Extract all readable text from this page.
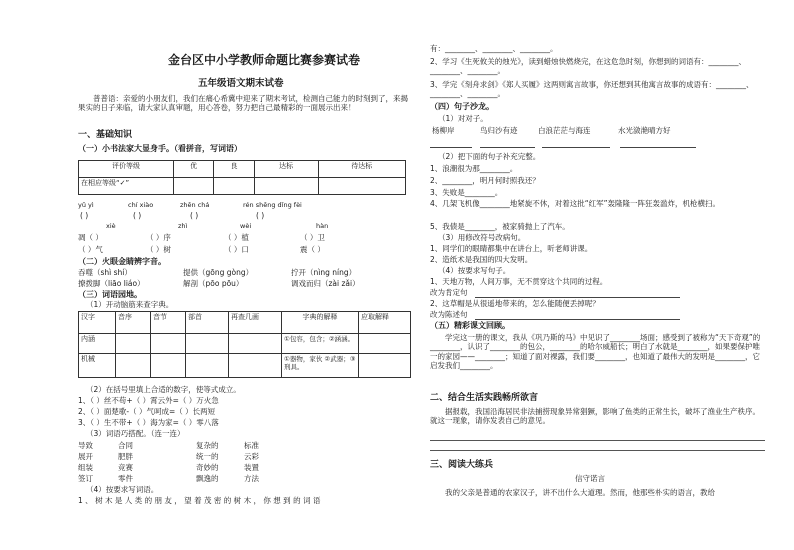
金台区中小学教师命题比赛参赛试卷
五年级语文期末试卷
普普语：亲爱的小朋友们，我们在痛心希冀中迎来了期末考试，检测自己能力的时刻到了，来揭果实的日子来临，请大家认真审题，用心答卷，努力把自己最精彩的一面展示出来！
一、基础知识
（一）小书法家大显身手。（看拼音，写词语）
评价等级	优	良	达标	待达标
在相应等级“✓”				
yǔ yì	chí xiào	zhēn chá	rén shēng dǐng fèi
( )	( )	( )	( )
xiè	zhì	wèi	hàn
凋（ ）	（ ）序	（ ）植	（ ）卫
（ ）气	（ ）树	（ ）口	震（ ）
（二）火眼金睛辨字音。
吞噬（shì shí）	提供（gōng gòng）	拧开（nìng níng）
撩拨脚（liāo liáo）	解剖（pōo pōu）	调戏而归（zài zǎi）
（三）词语园地。
（1）开动脑筋来查字典。
汉字	音序	音节	部首	再查几画	字典的解释	应取解释
内涵					①包容，包含；②涵涵。	
机械					①器物，家伙 ②武器；③刑具。	
（2）在括号里填上合适的数字，使等式成立。
1、（ ）丝不苟+（ ）霄云外=（ ）万火急
2、（ ）面楚歌-（ ）气呵成=（ ）长两短
3、（ ）生不带+（ ）海为家=（ ）零八落
（3）词语巧搭配。（连一连）
导致
展开
组装
签订
合同
肥胖
竞赛
零件
复杂的
统一的
奇妙的
飘逸的
标准
云彩
装置
方法
（4）按要求写词语。
1、树木是人类的朋友，望着茂密的树木，你想到的词语
有：________、________、________。
2、学习《生死攸关的烛光》，读到蜡烛快燃烧完，在这危急时刻，你想到的词语有：________、________、________。
3、学完《刻舟求剑》《郑人买履》这两则寓言故事，你还想到其他寓言故事的成语有：________、________、________。
（四）句子沙龙。
（1）对对子。
杨柳岸	鸟归沙有迹	白浪茫茫与海连	水光潋滟晴方好
（2）把下面的句子补充完整。
1、浪潮很为那________。
2、________，明月何时照我还？
3、失败是________。
4、几架飞机像________地紧旋不休，对着这批“红军”轰隆隆一阵狂轰滥炸，机枪横扫。
5、我债是________，被家骑抛上了汽车。
（3）用修改符号改病句。
1、同学们的眼睛都集中在讲台上，听老师讲课。
2、造纸术是我国的四大发明。
（4）按要求写句子。
1、天地万物，人间万事，无不贯穿这个共同的过程。
改为肯定句
2、这草帽是从很遥地带来的，怎么能随便丢掉呢？
改为陈述句
（五）精彩课文回顾。
学完这一册的课文，我从《巩乃斯的马》中见识了________场面；感受到了被称为“天下奇观”的________，认识了________的包公，________的哈尔威船长；明白了水就是________，如果要保护唯一的家园——________；知道了面对裸露，我们要________，也知道了最伟大的发明是________，它启发我们________。
二、结合生活实践畅所欲言
据报载，我国沿海居民非法捕捞现象异常猖獗，影响了鱼类的正常生长，破坏了渔业生产秩序。就这一现象，请你发表自己的意见。
三、阅读大练兵
信守诺言
我的父亲是普通的农家汉子，讲不出什么大道理。然而，他那些朴实的语言，教给
